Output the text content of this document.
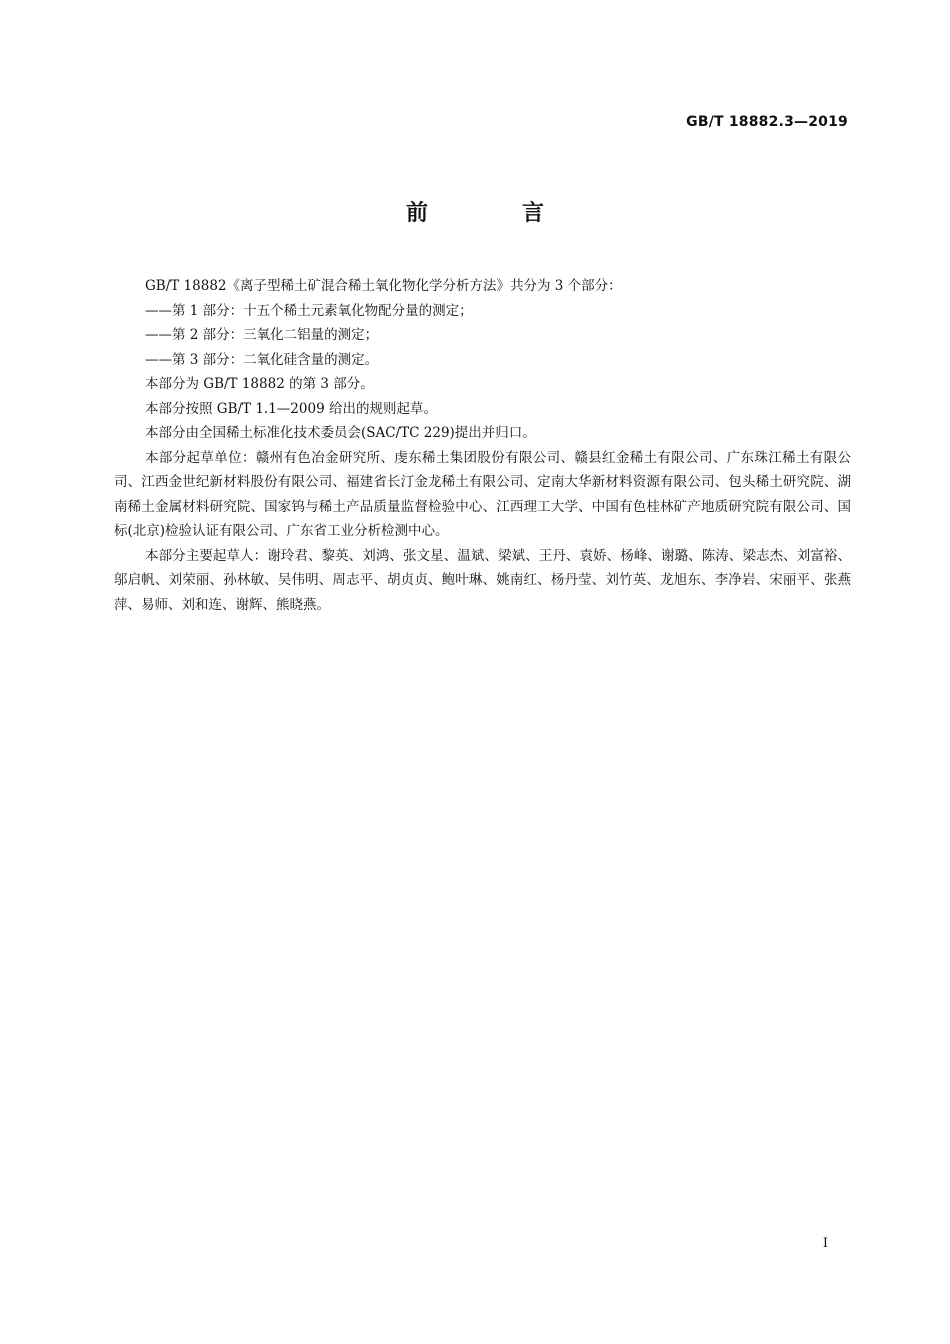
GB/T 18882.3—2019
前　言

GB/T 18882《离子型稀土矿混合稀土氧化物化学分析方法》共分为 3 个部分：

——第 1 部分：十五个稀土元素氧化物配分量的测定；

——第 2 部分：三氧化二铝量的测定；

——第 3 部分：二氧化硅含量的测定。

本部分为 GB/T 18882 的第 3 部分。

本部分按照 GB/T 1.1—2009 给出的规则起草。

本部分由全国稀土标准化技术委员会(SAC/TC 229)提出并归口。

本部分起草单位：赣州有色冶金研究所、虔东稀土集团股份有限公司、赣县红金稀土有限公司、广东珠江稀土有限公司、江西金世纪新材料股份有限公司、福建省长汀金龙稀土有限公司、定南大华新材料资源有限公司、包头稀土研究院、湖南稀土金属材料研究院、国家钨与稀土产品质量监督检验中心、江西理工大学、中国有色桂林矿产地质研究院有限公司、国标(北京)检验认证有限公司、广东省工业分析检测中心。

本部分主要起草人：谢玲君、黎英、刘鸿、张文星、温斌、梁斌、王丹、袁娇、杨峰、谢璐、陈涛、梁志杰、刘富裕、邬启帆、刘荣丽、孙林敏、吴伟明、周志平、胡贞贞、鲍叶琳、姚南红、杨丹莹、刘竹英、龙旭东、李净岩、宋丽平、张燕萍、易师、刘和连、谢辉、熊晓燕。

I
